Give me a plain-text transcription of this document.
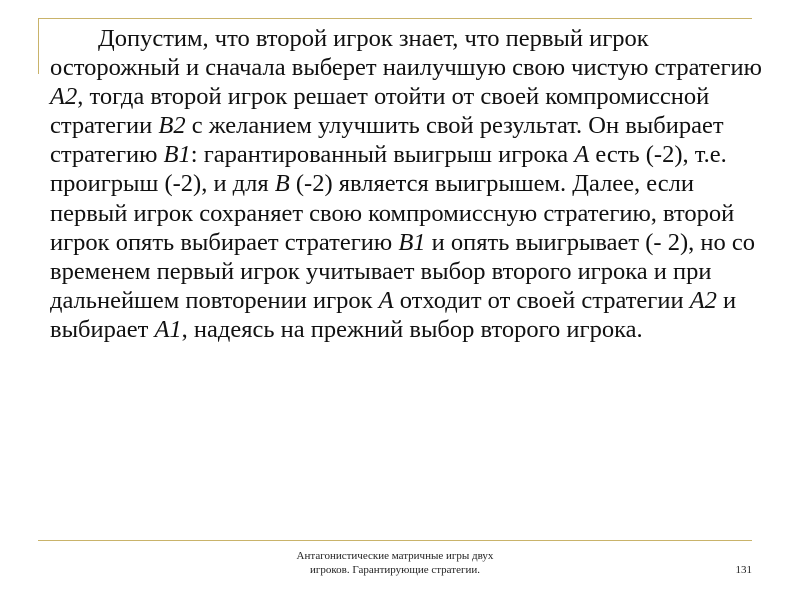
Допустим, что второй игрок знает, что первый игрок осторожный и сначала выберет наилучшую свою чистую стратегию A2, тогда второй игрок решает отойти от своей компромиссной стратегии B2 с желанием улучшить свой результат. Он выбирает стратегию B1: гарантированный выигрыш игрока A есть (-2), т.е. проигрыш (-2), и для B (-2) является выигрышем. Далее, если первый игрок сохраняет свою компромиссную стратегию, второй игрок опять выбирает стратегию B1 и опять выигрывает (- 2), но со временем первый игрок учитывает выбор второго игрока и при дальнейшем повторении игрок A отходит от своей стратегии A2 и выбирает A1, надеясь на прежний выбор второго игрока.

Антагонистические матричные игры двух
игроков. Гарантирующие стратегии.	131
